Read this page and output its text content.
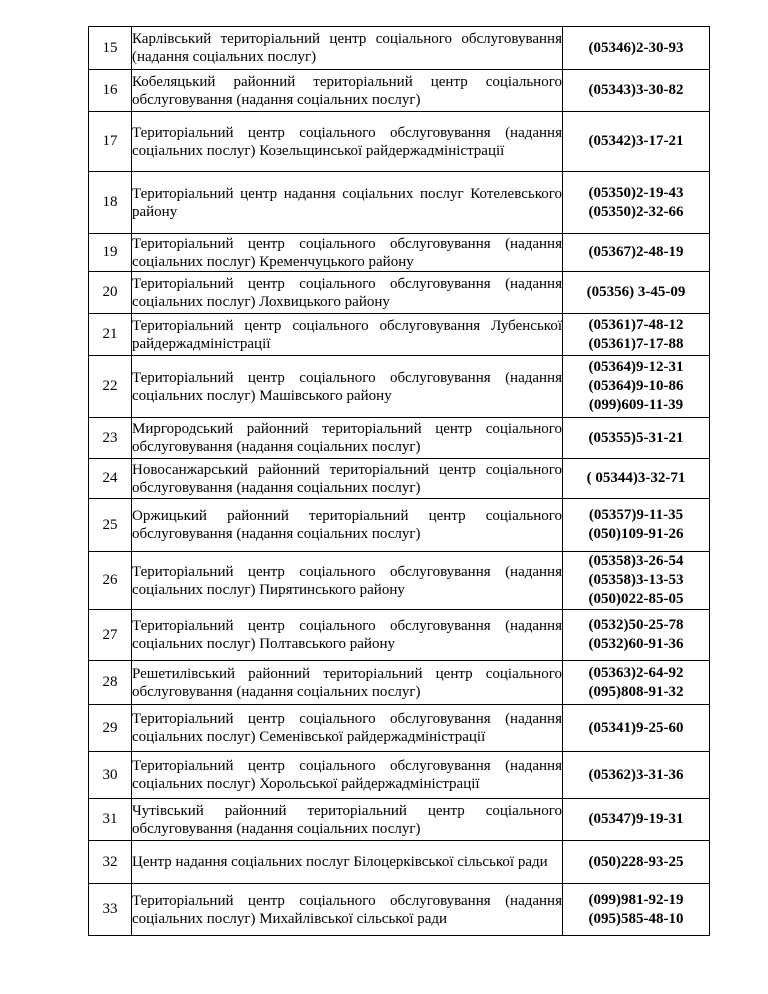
15	Карлівський територіальний центр соціального обслуговування (надання соціальних послуг)	(05346)2-30-93

16	Кобеляцький районний територіальний центр соціального обслуговування (надання соціальних послуг)	(05343)3-30-82

17	Територіальний центр соціального обслуговування (надання соціальних послуг) Козельщинської райдержадміністрації	(05342)3-17-21

18	Територіальний центр надання соціальних послуг Котелевського району	(05350)2-19-43
(05350)2-32-66

19	Територіальний центр соціального обслуговування (надання соціальних послуг) Кременчуцького району	(05367)2-48-19

20	Територіальний центр соціального обслуговування (надання соціальних послуг) Лохвицького району	(05356) 3-45-09

21	Територіальний центр соціального обслуговування Лубенської райдержадміністрації	(05361)7-48-12
(05361)7-17-88

22	Територіальний центр соціального обслуговування (надання соціальних послуг) Машівського району	(05364)9-12-31
(05364)9-10-86
(099)609-11-39

23	Миргородський районний територіальний центр соціального обслуговування (надання соціальних послуг)	(05355)5-31-21

24	Новосанжарський районний територіальний центр соціального обслуговування (надання соціальних послуг)	( 05344)3-32-71

25	Оржицький районний територіальний центр соціального обслуговування (надання соціальних послуг)	(05357)9-11-35
(050)109-91-26

26	Територіальний центр соціального обслуговування (надання соціальних послуг) Пирятинського району	(05358)3-26-54
(05358)3-13-53
(050)022-85-05

27	Територіальний центр соціального обслуговування (надання соціальних послуг) Полтавського району	(0532)50-25-78
(0532)60-91-36

28	Решетилівський районний територіальний центр соціального обслуговування (надання соціальних послуг)	(05363)2-64-92
(095)808-91-32

29	Територіальний центр соціального обслуговування (надання соціальних послуг) Семенівської райдержадміністрації	(05341)9-25-60

30	Територіальний центр соціального обслуговування (надання соціальних послуг) Хорольської райдержадміністрації	(05362)3-31-36

31	Чутівський районний територіальний центр соціального обслуговування (надання соціальних послуг)	(05347)9-19-31

32	Центр надання соціальних послуг Білоцерківської сільської ради	(050)228-93-25

33	Територіальний центр соціального обслуговування (надання соціальних послуг) Михайлівської сільської ради	(099)981-92-19
(095)585-48-10
